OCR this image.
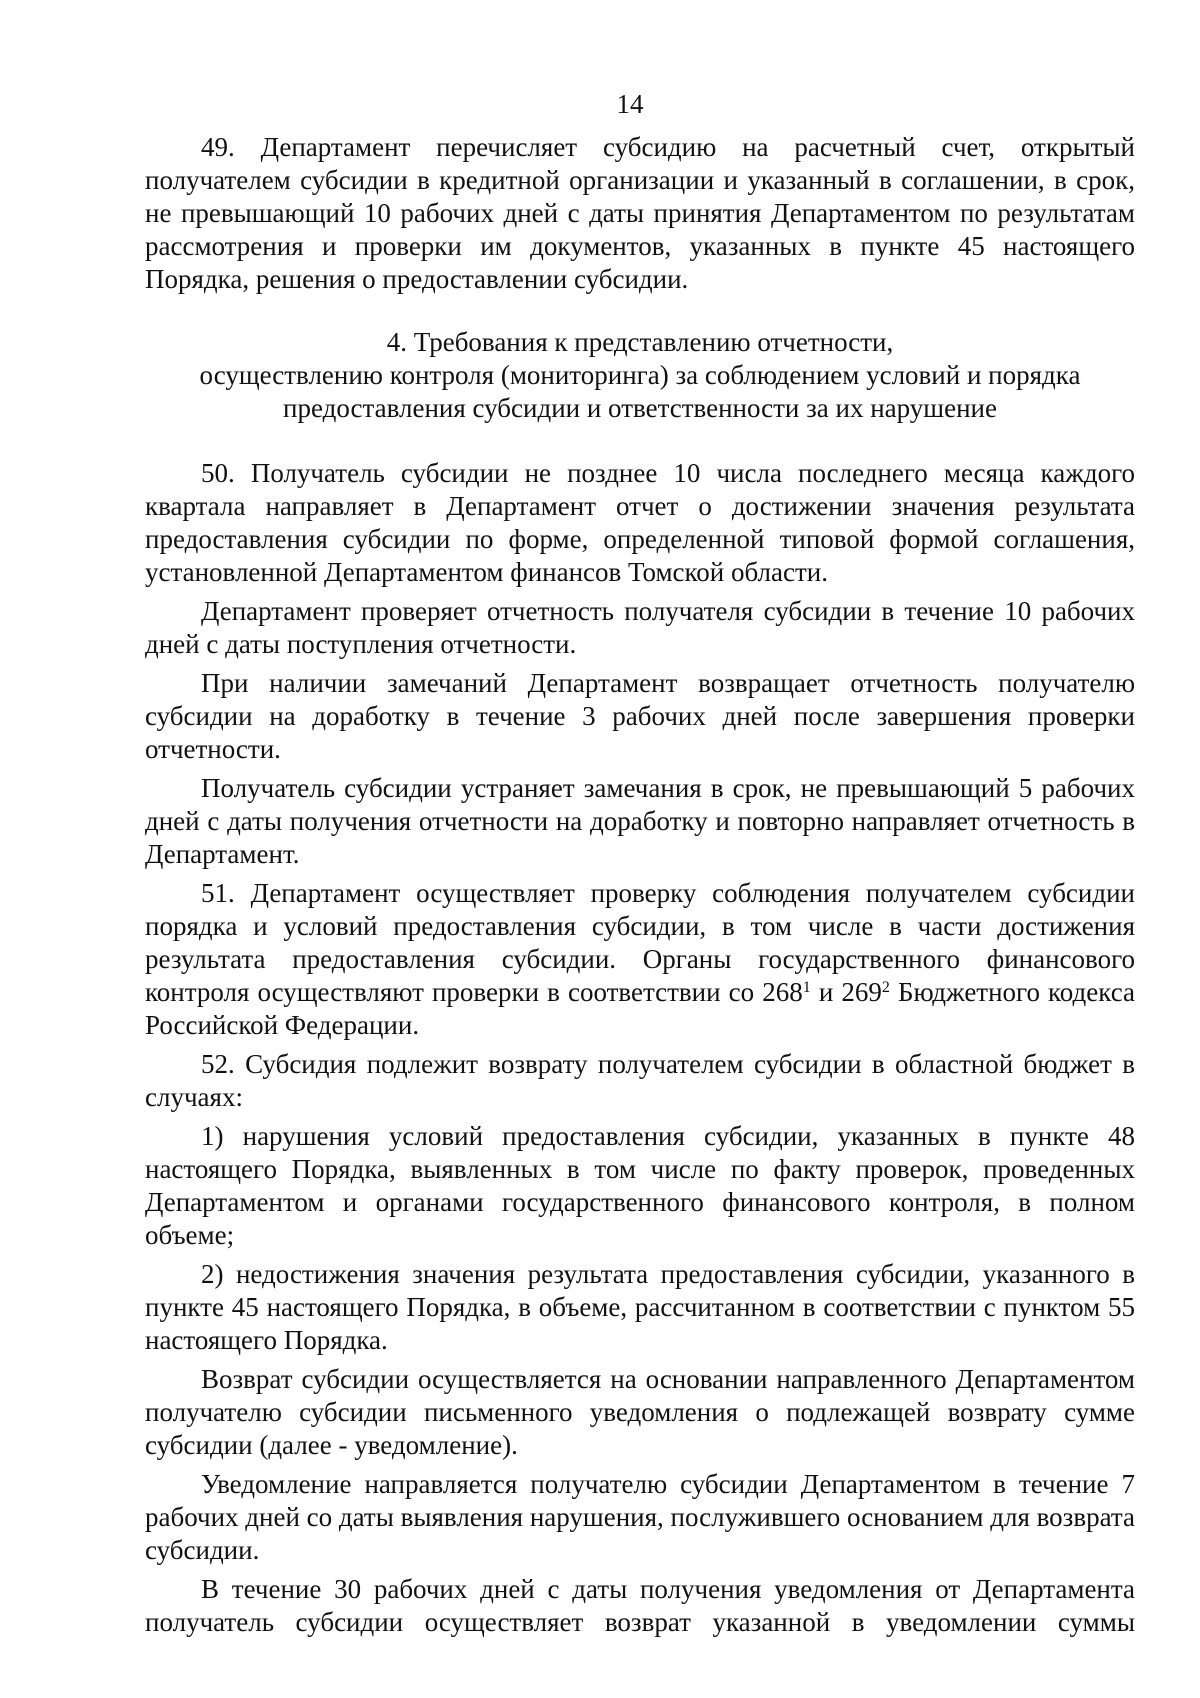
14

49. Департамент перечисляет субсидию на расчетный счет, открытый получателем субсидии в кредитной организации и указанный в соглашении, в срок, не превышающий 10 рабочих дней с даты принятия Департаментом по результатам рассмотрения и проверки им документов, указанных в пункте 45 настоящего Порядка, решения о предоставлении субсидии.

4. Требования к представлению отчетности,
осуществлению контроля (мониторинга) за соблюдением условий и порядка
предоставления субсидии и ответственности за их нарушение

50. Получатель субсидии не позднее 10 числа последнего месяца каждого квартала направляет в Департамент отчет о достижении значения результата предоставления субсидии по форме, определенной типовой формой соглашения, установленной Департаментом финансов Томской области.

Департамент проверяет отчетность получателя субсидии в течение 10 рабочих дней с даты поступления отчетности.

При наличии замечаний Департамент возвращает отчетность получателю субсидии на доработку в течение 3 рабочих дней после завершения проверки отчетности.

Получатель субсидии устраняет замечания в срок, не превышающий 5 рабочих дней с даты получения отчетности на доработку и повторно направляет отчетность в Департамент.

51. Департамент осуществляет проверку соблюдения получателем субсидии порядка и условий предоставления субсидии, в том числе в части достижения результата предоставления субсидии. Органы государственного финансового контроля осуществляют проверки в соответствии со $268^1$ и $269^2$ Бюджетного кодекса Российской Федерации.

52. Субсидия подлежит возврату получателем субсидии в областной бюджет в случаях:

1) нарушения условий предоставления субсидии, указанных в пункте 48 настоящего Порядка, выявленных в том числе по факту проверок, проведенных Департаментом и органами государственного финансового контроля, в полном объеме;

2) недостижения значения результата предоставления субсидии, указанного в пункте 45 настоящего Порядка, в объеме, рассчитанном в соответствии с пунктом 55 настоящего Порядка.

Возврат субсидии осуществляется на основании направленного Департаментом получателю субсидии письменного уведомления о подлежащей возврату сумме субсидии (далее - уведомление).

Уведомление направляется получателю субсидии Департаментом в течение 7 рабочих дней со даты выявления нарушения, послужившего основанием для возврата субсидии.

В течение 30 рабочих дней с даты получения уведомления от Департамента получатель субсидии осуществляет возврат указанной в уведомлении суммы
